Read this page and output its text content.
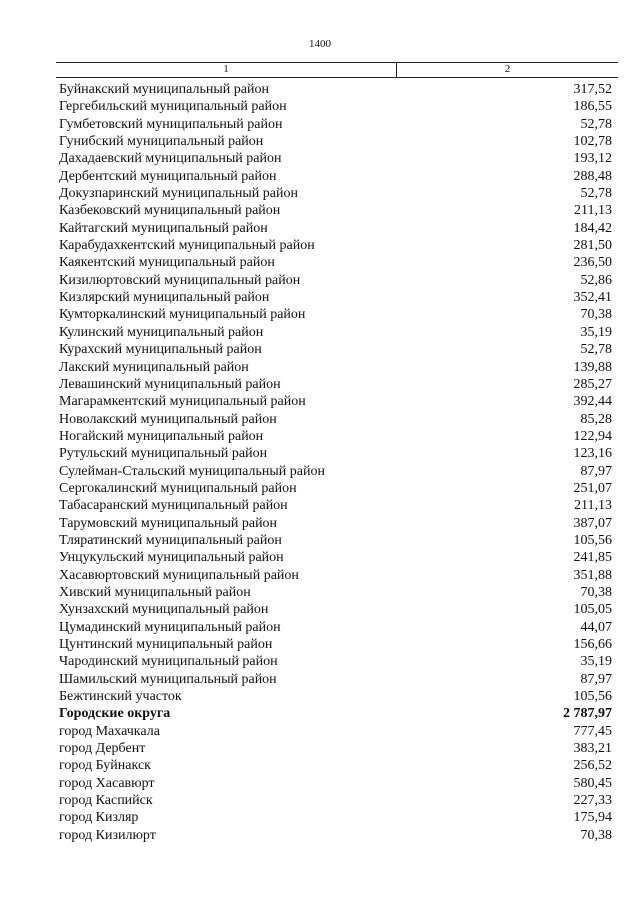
1400
1	2
Буйнакский муниципальный район	317,52
Гергебильский муниципальный район	186,55
Гумбетовский муниципальный район	52,78
Гунибский муниципальный район	102,78
Дахадаевский муниципальный район	193,12
Дербентский муниципальный район	288,48
Докузпаринский муниципальный район	52,78
Казбековский муниципальный район	211,13
Кайтагский муниципальный район	184,42
Карабудахкентский муниципальный район	281,50
Каякентский муниципальный район	236,50
Кизилюртовский муниципальный район	52,86
Кизлярский муниципальный район	352,41
Кумторкалинский муниципальный район	70,38
Кулинский муниципальный район	35,19
Курахский муниципальный район	52,78
Лакский муниципальный район	139,88
Левашинский муниципальный район	285,27
Магарамкентский муниципальный район	392,44
Новолакский муниципальный район	85,28
Ногайский муниципальный район	122,94
Рутульский муниципальный район	123,16
Сулейман-Стальский муниципальный район	87,97
Сергокалинский муниципальный район	251,07
Табасаранский муниципальный район	211,13
Тарумовский муниципальный район	387,07
Тляратинский муниципальный район	105,56
Унцукульский муниципальный район	241,85
Хасавюртовский муниципальный район	351,88
Хивский муниципальный район	70,38
Хунзахский муниципальный район	105,05
Цумадинский муниципальный район	44,07
Цунтинский муниципальный район	156,66
Чародинский муниципальный район	35,19
Шамильский муниципальный район	87,97
Бежтинский участок	105,56
Городские округа	2 787,97
город Махачкала	777,45
город Дербент	383,21
город Буйнакск	256,52
город Хасавюрт	580,45
город Каспийск	227,33
город Кизляр	175,94
город Кизилюрт	70,38
